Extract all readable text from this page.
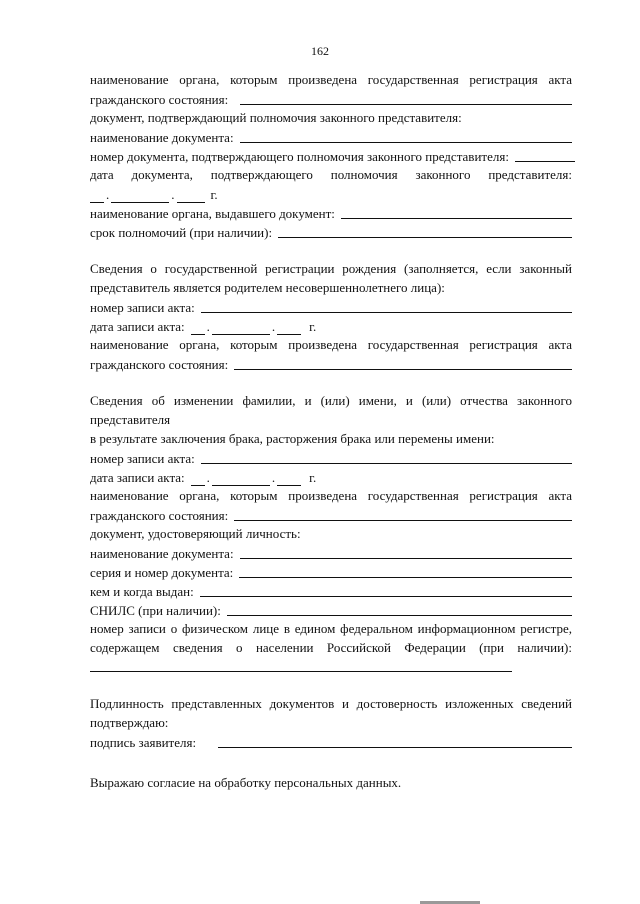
162
наименование органа, которым произведена государственная регистрация акта
гражданского состояния:
документ, подтверждающий полномочия законного представителя:
наименование документа:
номер документа, подтверждающего полномочия законного представителя:
дата документа, подтверждающего полномочия законного представителя:
.	.	г.
наименование органа, выдавшего документ:
срок полномочий (при наличии):
Сведения о государственной регистрации рождения (заполняется, если законный
представитель является родителем несовершеннолетнего лица):
номер записи акта:
дата записи акта: .	.	г.
наименование органа, которым произведена государственная регистрация акта
гражданского состояния:
Сведения об изменении фамилии, и (или) имени, и (или) отчества законного
представителя
в результате заключения брака, расторжения брака или перемены имени:
номер записи акта:
дата записи акта: .	.	г.
наименование органа, которым произведена государственная регистрация акта
гражданского состояния:
документ, удостоверяющий личность:
наименование документа:
серия и номер документа:
кем и когда выдан:
СНИЛС (при наличии):
номер записи о физическом лице в едином федеральном информационном регистре,
содержащем сведения о населении Российской Федерации (при наличии):
Подлинность представленных документов и достоверность изложенных сведений
подтверждаю:
подпись заявителя:
Выражаю согласие на обработку персональных данных.
